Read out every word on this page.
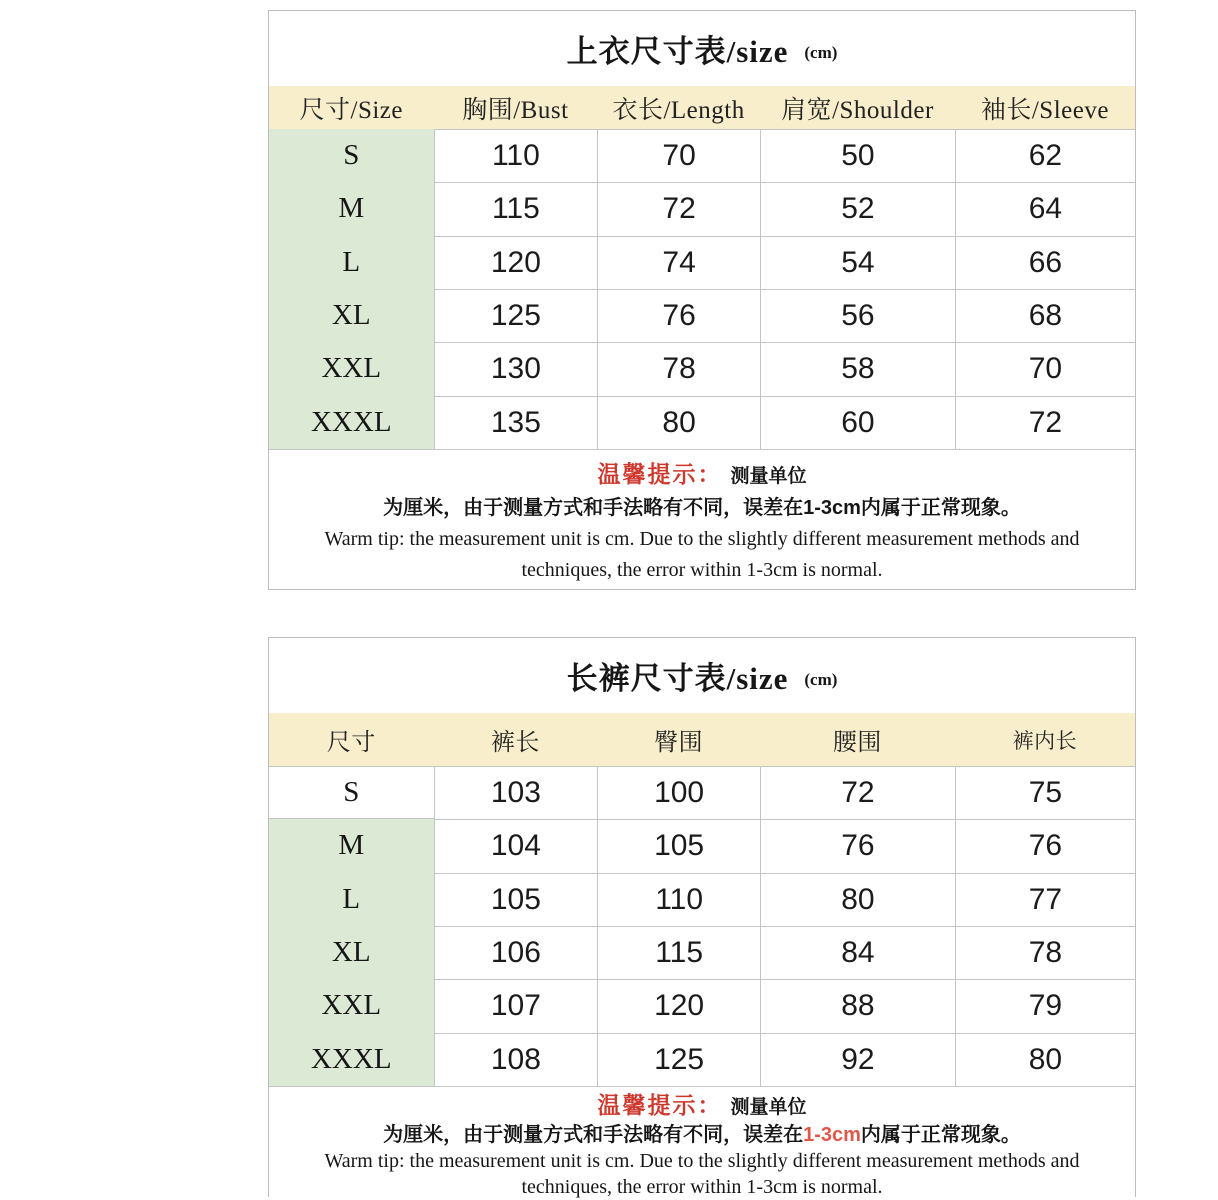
上衣尺寸表/size (cm)
尺寸/Size	胸围/Bust	衣长/Length	肩宽/Shoulder	袖长/Sleeve
S	110	70	50	62
M	115	72	52	64
L	120	74	54	66
XL	125	76	56	68
XXL	130	78	58	70
XXXL	135	80	60	72
温馨提示： 测量单位
为厘米，由于测量方式和手法略有不同，误差在1-3cm内属于正常现象。
Warm tip: the measurement unit is cm. Due to the slightly different measurement methods and
techniques, the error within 1-3cm is normal.
长裤尺寸表/size (cm)
尺寸	裤长	臀围	腰围	裤内长
S	103	100	72	75
M	104	105	76	76
L	105	110	80	77
XL	106	115	84	78
XXL	107	120	88	79
XXXL	108	125	92	80
温馨提示： 测量单位
为厘米，由于测量方式和手法略有不同，误差在1-3cm内属于正常现象。
Warm tip: the measurement unit is cm. Due to the slightly different measurement methods and
techniques, the error within 1-3cm is normal.
